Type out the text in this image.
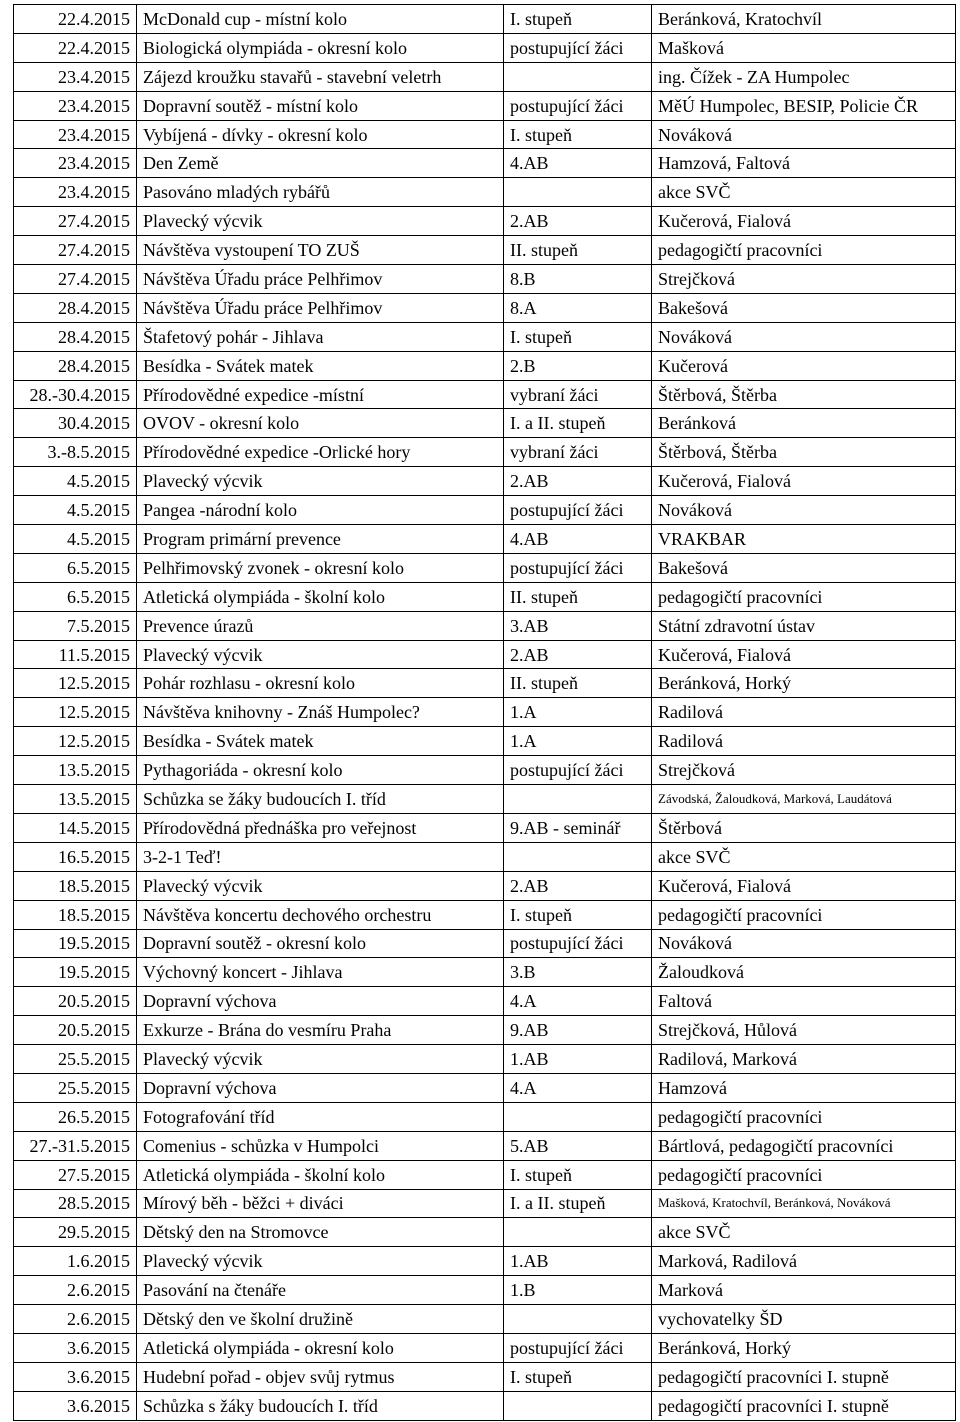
22.4.2015	McDonald cup - místní kolo	I. stupeň	Beránková, Kratochvíl
22.4.2015	Biologická olympiáda - okresní kolo	postupující žáci	Mašková
23.4.2015	Zájezd kroužku stavařů - stavební veletrh		ing. Čížek - ZA Humpolec
23.4.2015	Dopravní soutěž - místní kolo	postupující žáci	MěÚ Humpolec, BESIP, Policie ČR
23.4.2015	Vybíjená - dívky - okresní kolo	I. stupeň	Nováková
23.4.2015	Den Země	4.AB	Hamzová, Faltová
23.4.2015	Pasováno mladých rybářů		akce SVČ
27.4.2015	Plavecký výcvik	2.AB	Kučerová, Fialová
27.4.2015	Návštěva vystoupení TO ZUŠ	II. stupeň	pedagogičtí pracovníci
27.4.2015	Návštěva Úřadu práce Pelhřimov	8.B	Strejčková
28.4.2015	Návštěva Úřadu práce Pelhřimov	8.A	Bakešová
28.4.2015	Štafetový pohár - Jihlava	I. stupeň	Nováková
28.4.2015	Besídka - Svátek matek	2.B	Kučerová
28.-30.4.2015	Přírodovědné expedice -místní	vybraní žáci	Štěrbová, Štěrba
30.4.2015	OVOV - okresní kolo	I. a II. stupeň	Beránková
3.-8.5.2015	Přírodovědné expedice -Orlické hory	vybraní žáci	Štěrbová, Štěrba
4.5.2015	Plavecký výcvik	2.AB	Kučerová, Fialová
4.5.2015	Pangea -národní kolo	postupující žáci	Nováková
4.5.2015	Program primární prevence	4.AB	VRAKBAR
6.5.2015	Pelhřimovský zvonek - okresní kolo	postupující žáci	Bakešová
6.5.2015	Atletická olympiáda - školní kolo	II. stupeň	pedagogičtí pracovníci
7.5.2015	Prevence úrazů	3.AB	Státní zdravotní ústav
11.5.2015	Plavecký výcvik	2.AB	Kučerová, Fialová
12.5.2015	Pohár rozhlasu - okresní kolo	II. stupeň	Beránková, Horký
12.5.2015	Návštěva knihovny - Znáš Humpolec?	1.A	Radilová
12.5.2015	Besídka - Svátek matek	1.A	Radilová
13.5.2015	Pythagoriáda - okresní kolo	postupující žáci	Strejčková
13.5.2015	Schůzka se žáky budoucích I. tříd		Závodská, Žaloudková, Marková, Laudátová
14.5.2015	Přírodovědná přednáška pro veřejnost	9.AB - seminář	Štěrbová
16.5.2015	3-2-1 Teď!		akce SVČ
18.5.2015	Plavecký výcvik	2.AB	Kučerová, Fialová
18.5.2015	Návštěva koncertu dechového orchestru	I. stupeň	pedagogičtí pracovníci
19.5.2015	Dopravní soutěž - okresní kolo	postupující žáci	Nováková
19.5.2015	Výchovný koncert - Jihlava	3.B	Žaloudková
20.5.2015	Dopravní výchova	4.A	Faltová
20.5.2015	Exkurze - Brána do vesmíru Praha	9.AB	Strejčková, Hůlová
25.5.2015	Plavecký výcvik	1.AB	Radilová, Marková
25.5.2015	Dopravní výchova	4.A	Hamzová
26.5.2015	Fotografování tříd		pedagogičtí pracovníci
27.-31.5.2015	Comenius - schůzka v Humpolci	5.AB	Bártlová, pedagogičtí pracovníci
27.5.2015	Atletická olympiáda - školní kolo	I. stupeň	pedagogičtí pracovníci
28.5.2015	Mírový běh - běžci + diváci	I. a II. stupeň	Mašková, Kratochvíl, Beránková, Nováková
29.5.2015	Dětský den na Stromovce		akce SVČ
1.6.2015	Plavecký výcvik	1.AB	Marková, Radilová
2.6.2015	Pasování na čtenáře	1.B	Marková
2.6.2015	Dětský den ve školní družině		vychovatelky ŠD
3.6.2015	Atletická olympiáda - okresní kolo	postupující žáci	Beránková, Horký
3.6.2015	Hudební pořad - objev svůj rytmus	I. stupeň	pedagogičtí pracovníci I. stupně
3.6.2015	Schůzka s žáky budoucích I. tříd		pedagogičtí pracovníci I. stupně
